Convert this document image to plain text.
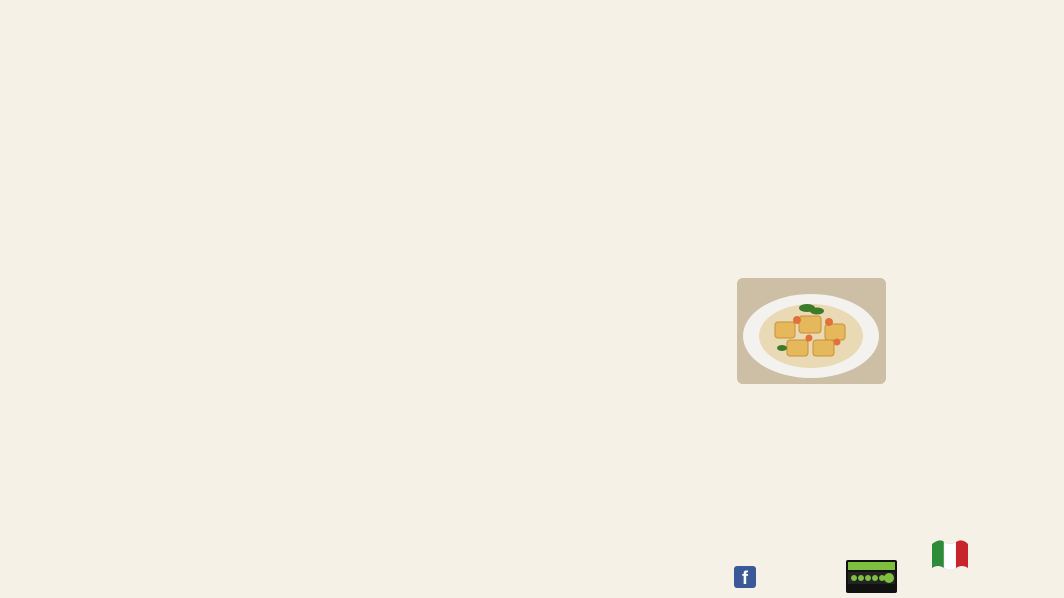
f
